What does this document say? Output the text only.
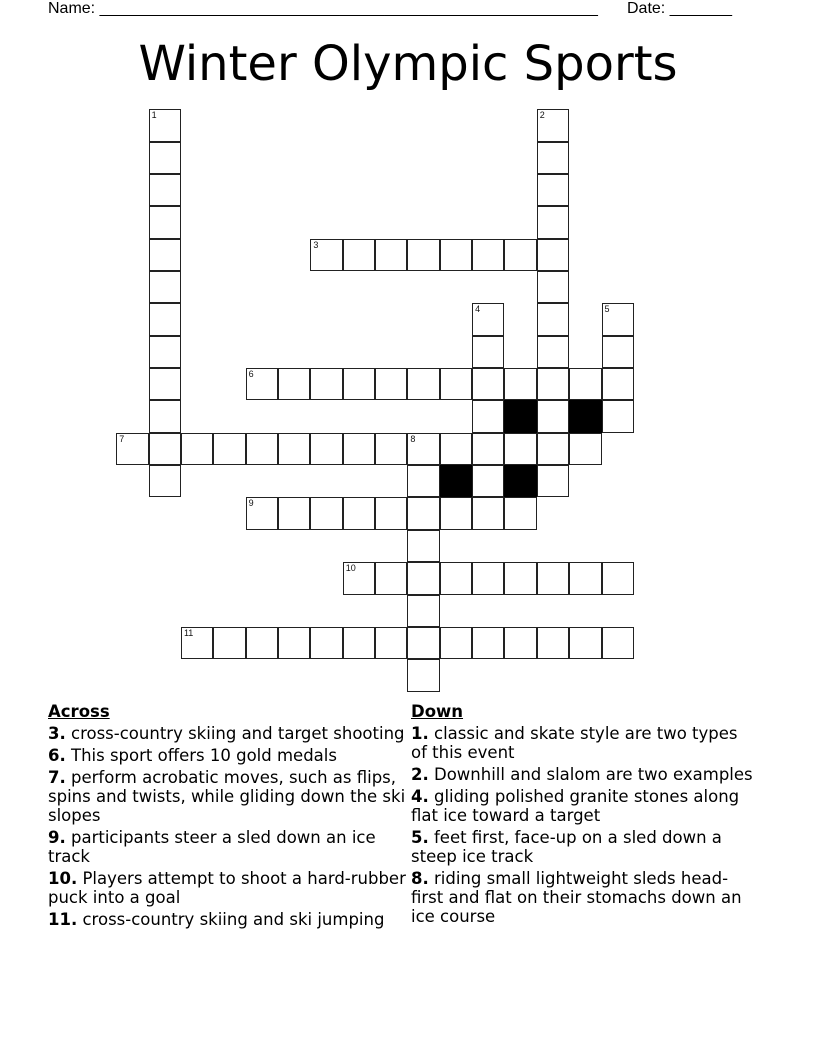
Name: ________________________________________________________ Date: _______
Winter Olympic Sports
1	2
3
4	5
6
7	8
9
10
11
Across
3. cross-country skiing and target shooting
6. This sport offers 10 gold medals
7. perform acrobatic moves, such as flips, spins and twists, while gliding down the ski slopes
9. participants steer a sled down an ice track
10. Players attempt to shoot a hard-rubber puck into a goal
11. cross-country skiing and ski jumping
Down
1. classic and skate style are two types of this event
2. Downhill and slalom are two examples
4. gliding polished granite stones along flat ice toward a target
5. feet first, face-up on a sled down a steep ice track
8. riding small lightweight sleds head-first and flat on their stomachs down an ice course
